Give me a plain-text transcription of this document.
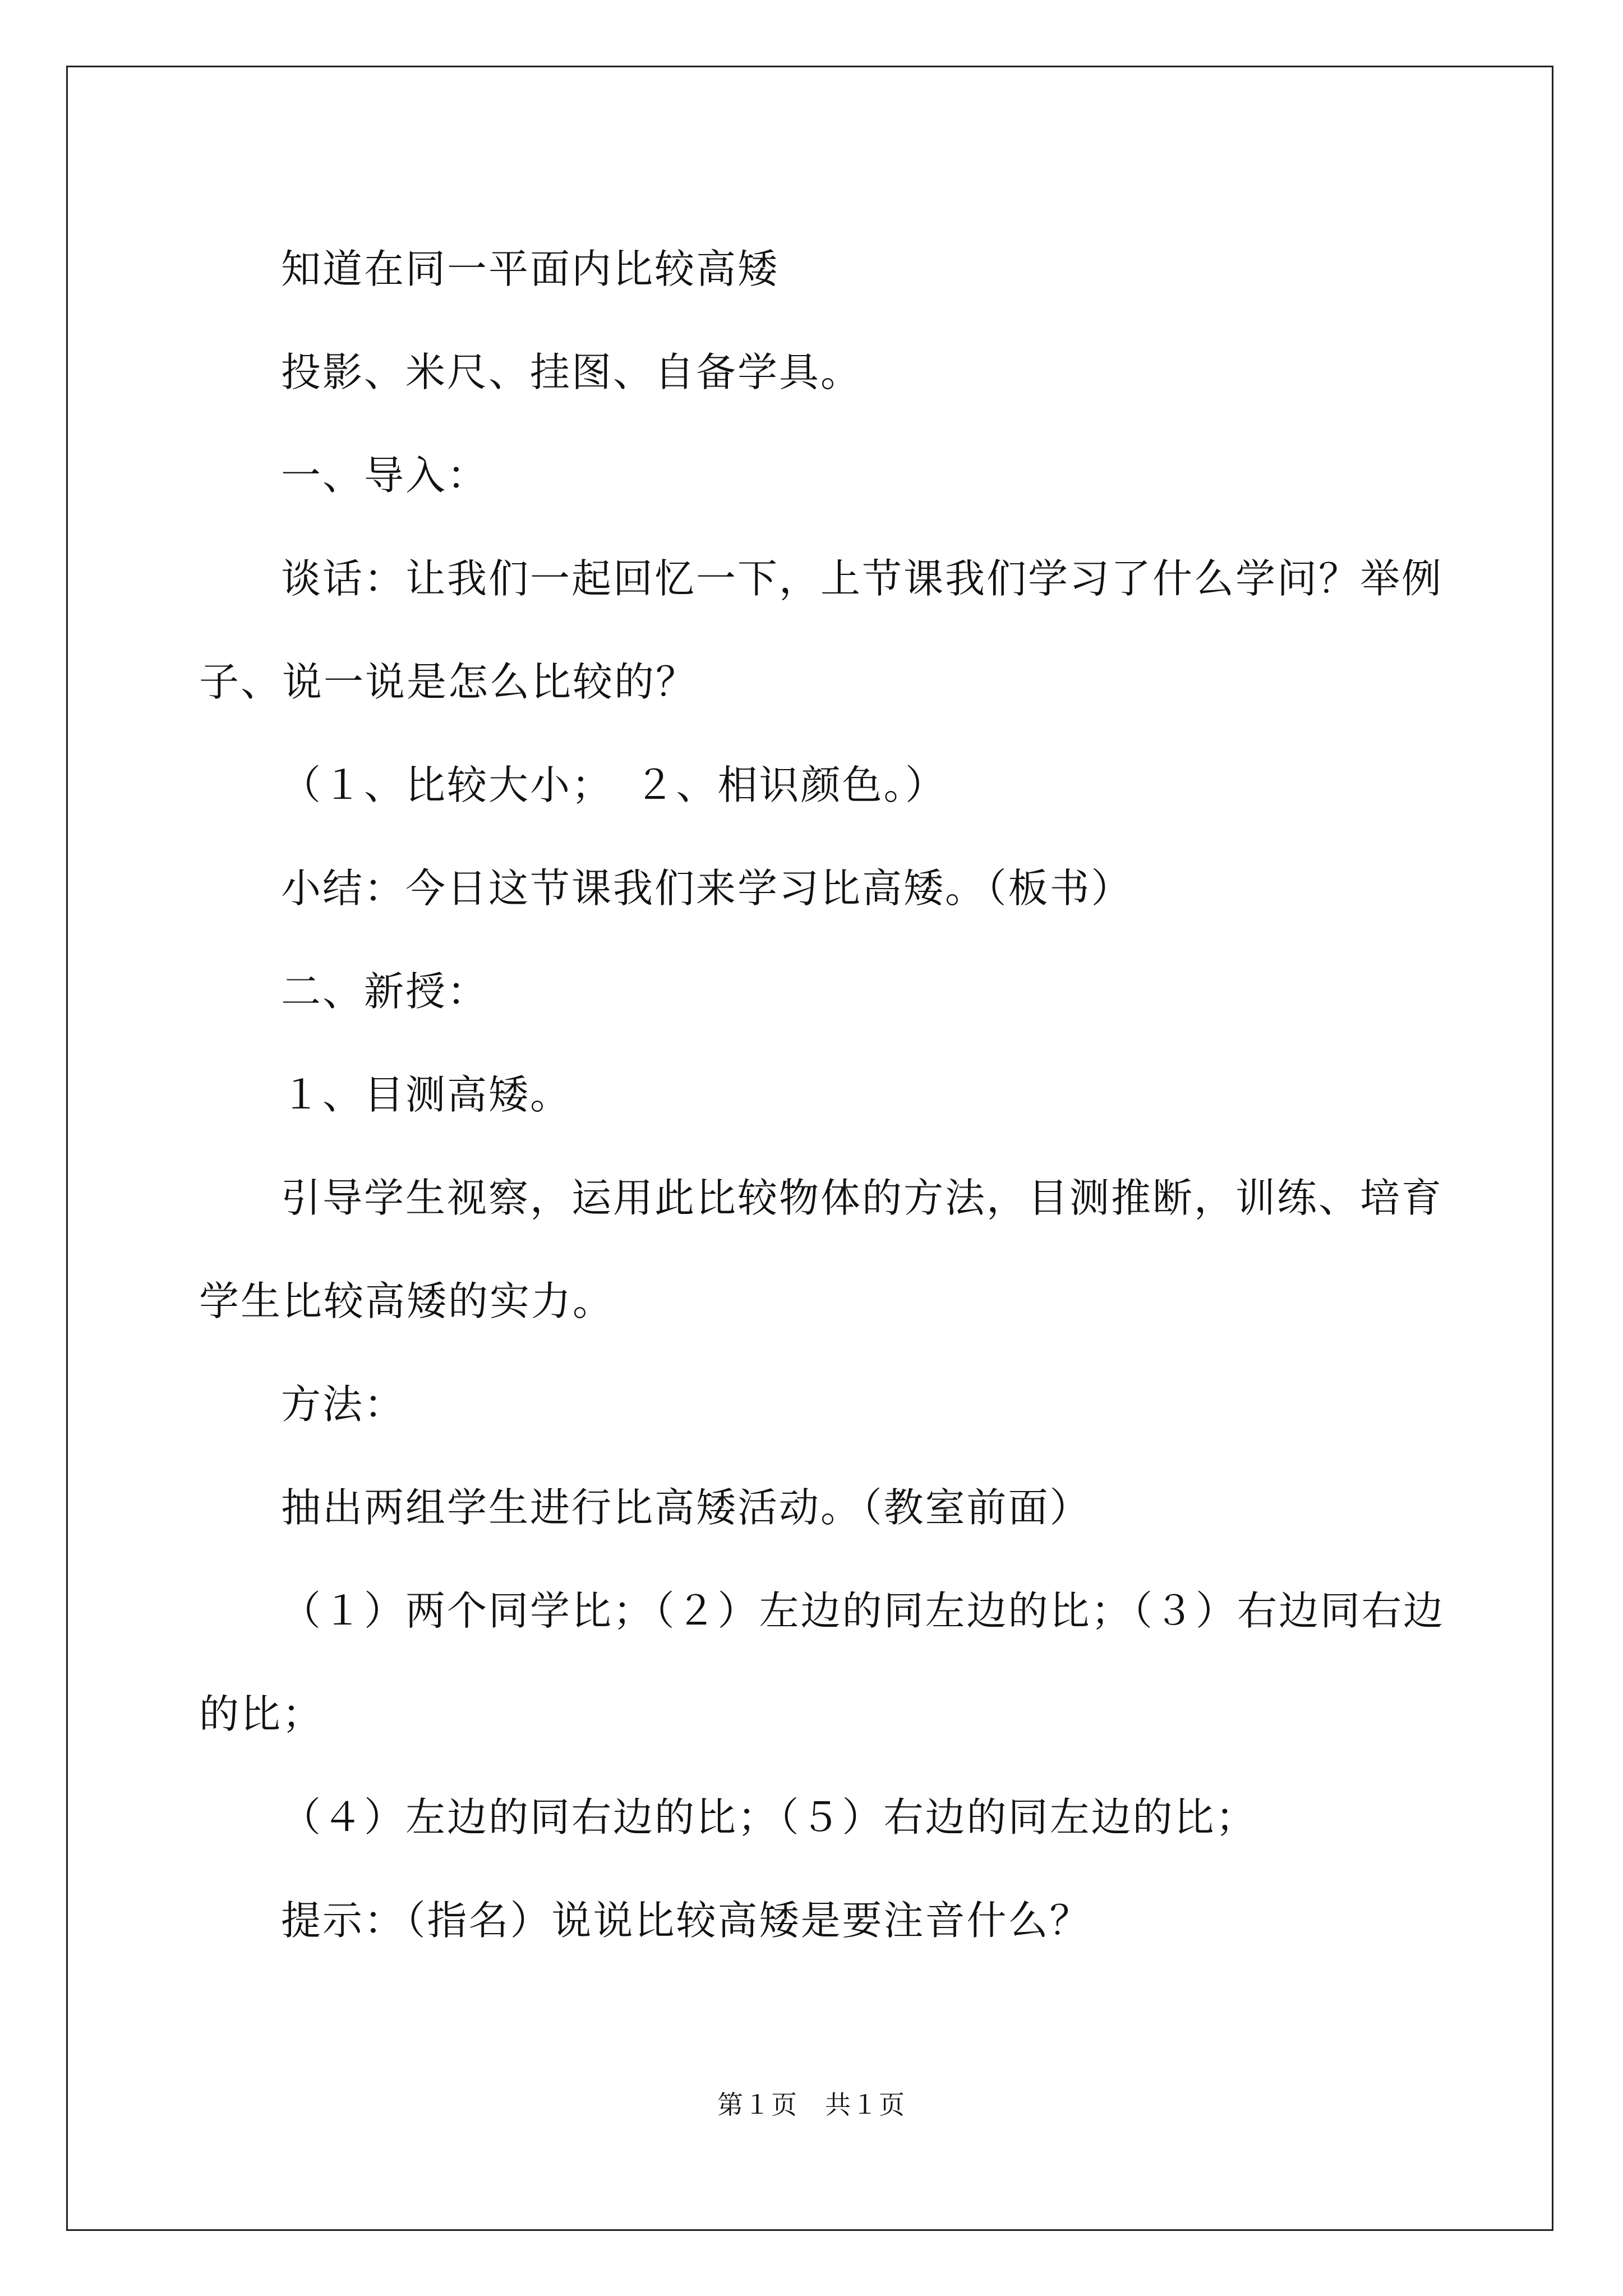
知道在同一平面内比较高矮

投影、米尺、挂图、自备学具。

一、导入：

谈话：让我们一起回忆一下，上节课我们学习了什么学问？举例
子、说一说是怎么比较的？

（１、比较大小；　２、相识颜色。）

小结：今日这节课我们来学习比高矮。（板书）

二、新授：

１、目测高矮。

引导学生视察，运用此比较物体的方法，目测推断，训练、培育
学生比较高矮的实力。

方法：

抽出两组学生进行比高矮活动。（教室前面）

（１）两个同学比；（２）左边的同左边的比；（３）右边同右边
的比；

（４）左边的同右边的比；（５）右边的同左边的比；

提示：（指名）说说比较高矮是要注音什么？

第１页　共１页
